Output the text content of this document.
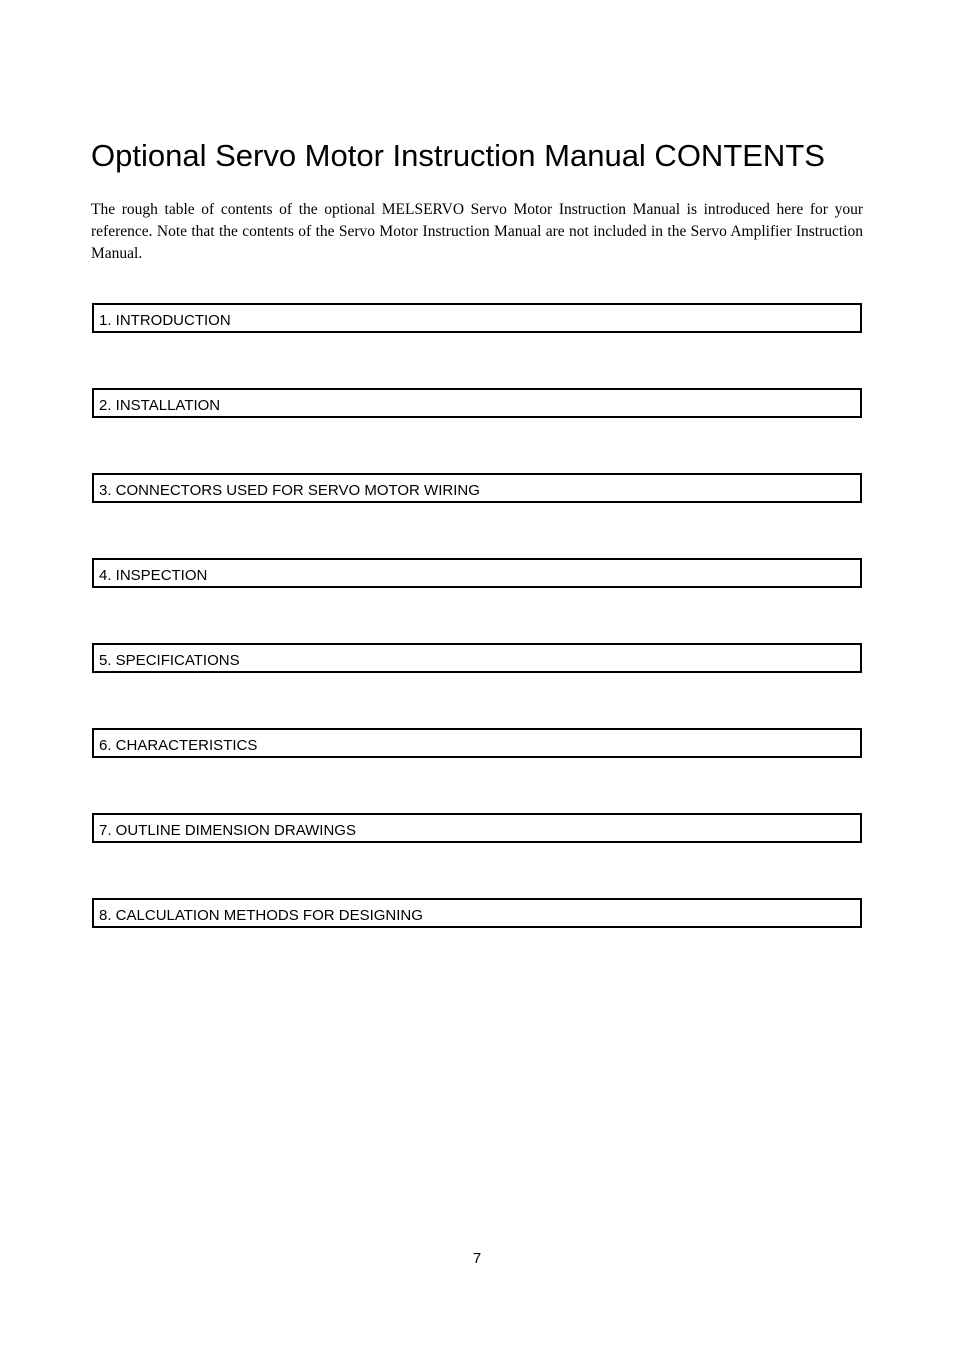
Optional Servo Motor Instruction Manual CONTENTS

The rough table of contents of the optional MELSERVO Servo Motor Instruction Manual is introduced here for your reference. Note that the contents of the Servo Motor Instruction Manual are not included in the Servo Amplifier Instruction Manual.

1. INTRODUCTION
2. INSTALLATION
3. CONNECTORS USED FOR SERVO MOTOR WIRING
4. INSPECTION
5. SPECIFICATIONS
6. CHARACTERISTICS
7. OUTLINE DIMENSION DRAWINGS
8. CALCULATION METHODS FOR DESIGNING
7
